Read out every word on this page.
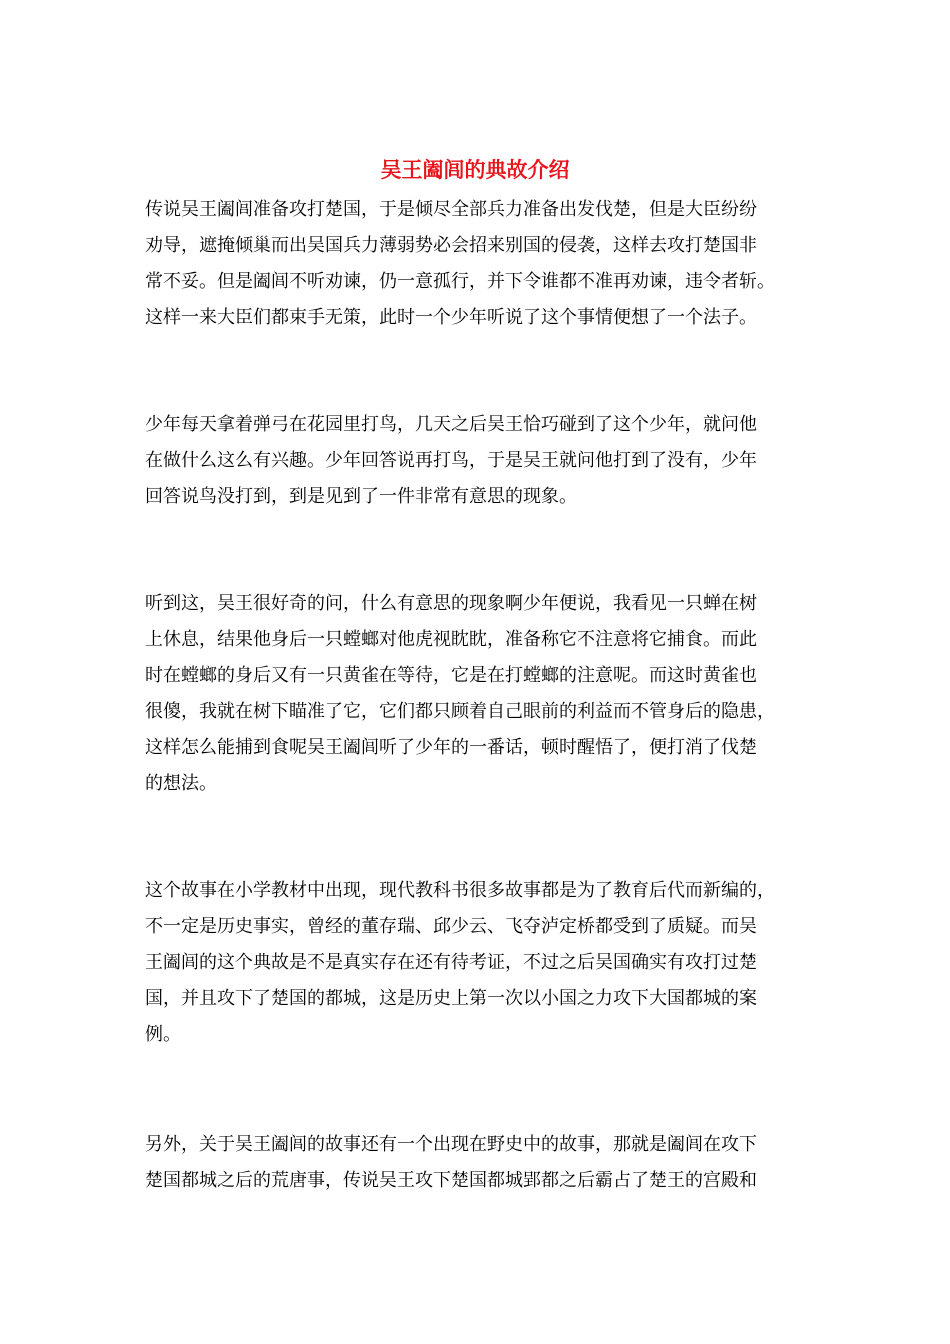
吴王阖闾的典故介绍
传说吴王阖闾准备攻打楚国，于是倾尽全部兵力准备出发伐楚，但是大臣纷纷
劝导，遮掩倾巢而出吴国兵力薄弱势必会招来别国的侵袭，这样去攻打楚国非
常不妥。但是阖闾不听劝谏，仍一意孤行，并下令谁都不准再劝谏，违令者斩。
这样一来大臣们都束手无策，此时一个少年听说了这个事情便想了一个法子。
少年每天拿着弹弓在花园里打鸟，几天之后吴王恰巧碰到了这个少年，就问他
在做什么这么有兴趣。少年回答说再打鸟，于是吴王就问他打到了没有，少年
回答说鸟没打到，到是见到了一件非常有意思的现象。
听到这，吴王很好奇的问，什么有意思的现象啊少年便说，我看见一只蝉在树
上休息，结果他身后一只螳螂对他虎视眈眈，准备称它不注意将它捕食。而此
时在螳螂的身后又有一只黄雀在等待，它是在打螳螂的注意呢。而这时黄雀也
很傻，我就在树下瞄准了它，它们都只顾着自己眼前的利益而不管身后的隐患，
这样怎么能捕到食呢吴王阖闾听了少年的一番话，顿时醒悟了，便打消了伐楚
的想法。
这个故事在小学教材中出现，现代教科书很多故事都是为了教育后代而新编的，
不一定是历史事实，曾经的董存瑞、邱少云、飞夺泸定桥都受到了质疑。而吴
王阖闾的这个典故是不是真实存在还有待考证，不过之后吴国确实有攻打过楚
国，并且攻下了楚国的都城，这是历史上第一次以小国之力攻下大国都城的案
例。
另外，关于吴王阖闾的故事还有一个出现在野史中的故事，那就是阖闾在攻下
楚国都城之后的荒唐事，传说吴王攻下楚国都城郢都之后霸占了楚王的宫殿和
